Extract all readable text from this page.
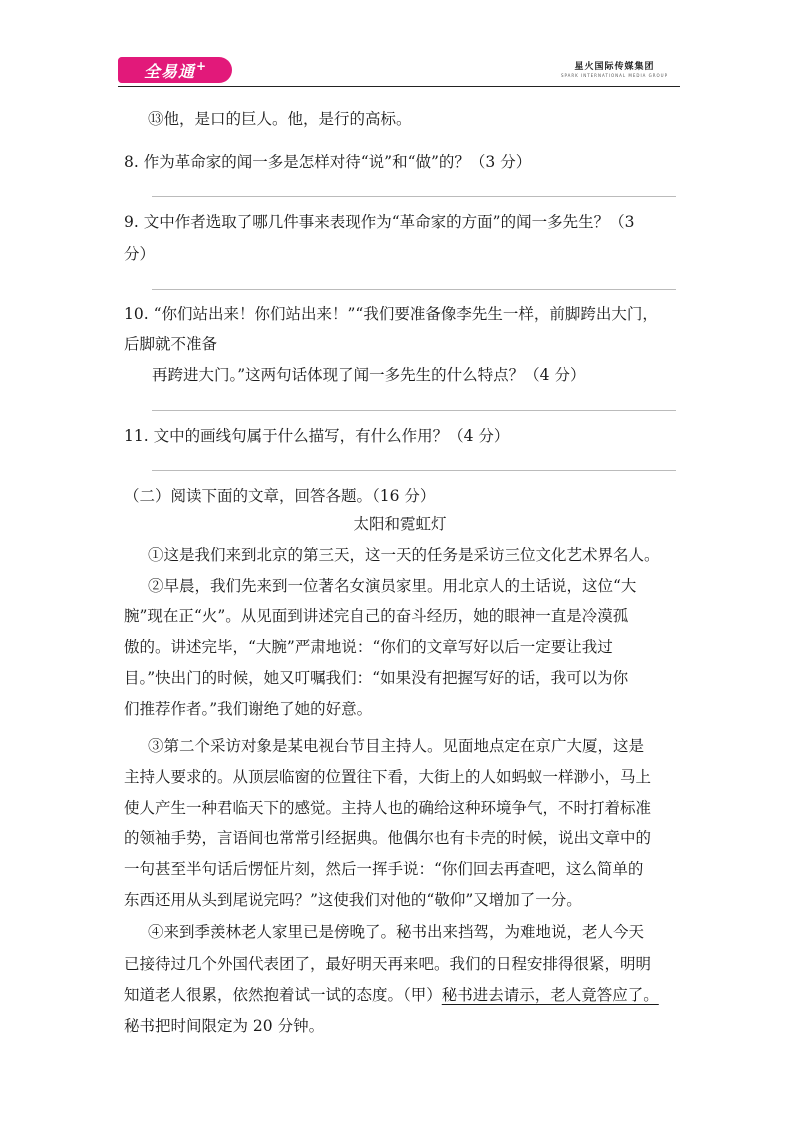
全易通 +	星火国际传媒集团
SPARK INTERNATIONAL MEDIA GROUP
⑬他，是口的巨人。他，是行的高标。
8. 作为革命家的闻一多是怎样对待“说”和“做”的？（3 分）
9. 文中作者选取了哪几件事来表现作为“革命家的方面”的闻一多先生？（3
分）
10. “你们站出来！你们站出来！”“我们要准备像李先生一样，前脚跨出大门，
后脚就不准备
再跨进大门。”这两句话体现了闻一多先生的什么特点？（4 分）
11. 文中的画线句属于什么描写，有什么作用？（4 分）
（二）阅读下面的文章，回答各题。（16 分）
太阳和霓虹灯
①这是我们来到北京的第三天，这一天的任务是采访三位文化艺术界名人。
②早晨，我们先来到一位著名女演员家里。用北京人的土话说，这位“大
腕”现在正“火”。从见面到讲述完自己的奋斗经历，她的眼神一直是冷漠孤
傲的。讲述完毕，“大腕”严肃地说：“你们的文章写好以后一定要让我过
目。”快出门的时候，她又叮嘱我们：“如果没有把握写好的话，我可以为你
们推荐作者。”我们谢绝了她的好意。
③第二个采访对象是某电视台节目主持人。见面地点定在京广大厦，这是
主持人要求的。从顶层临窗的位置往下看，大街上的人如蚂蚁一样渺小，马上
使人产生一种君临天下的感觉。主持人也的确给这种环境争气，不时打着标准
的领袖手势，言语间也常常引经据典。他偶尔也有卡壳的时候，说出文章中的
一句甚至半句话后愣怔片刻，然后一挥手说：“你们回去再查吧，这么简单的
东西还用从头到尾说完吗？”这使我们对他的“敬仰”又增加了一分。
④来到季羡林老人家里已是傍晚了。秘书出来挡驾，为难地说，老人今天
已接待过几个外国代表团了，最好明天再来吧。我们的日程安排得很紧，明明
知道老人很累，依然抱着试一试的态度。（甲）秘书进去请示，老人竟答应了。
秘书把时间限定为 20 分钟。
